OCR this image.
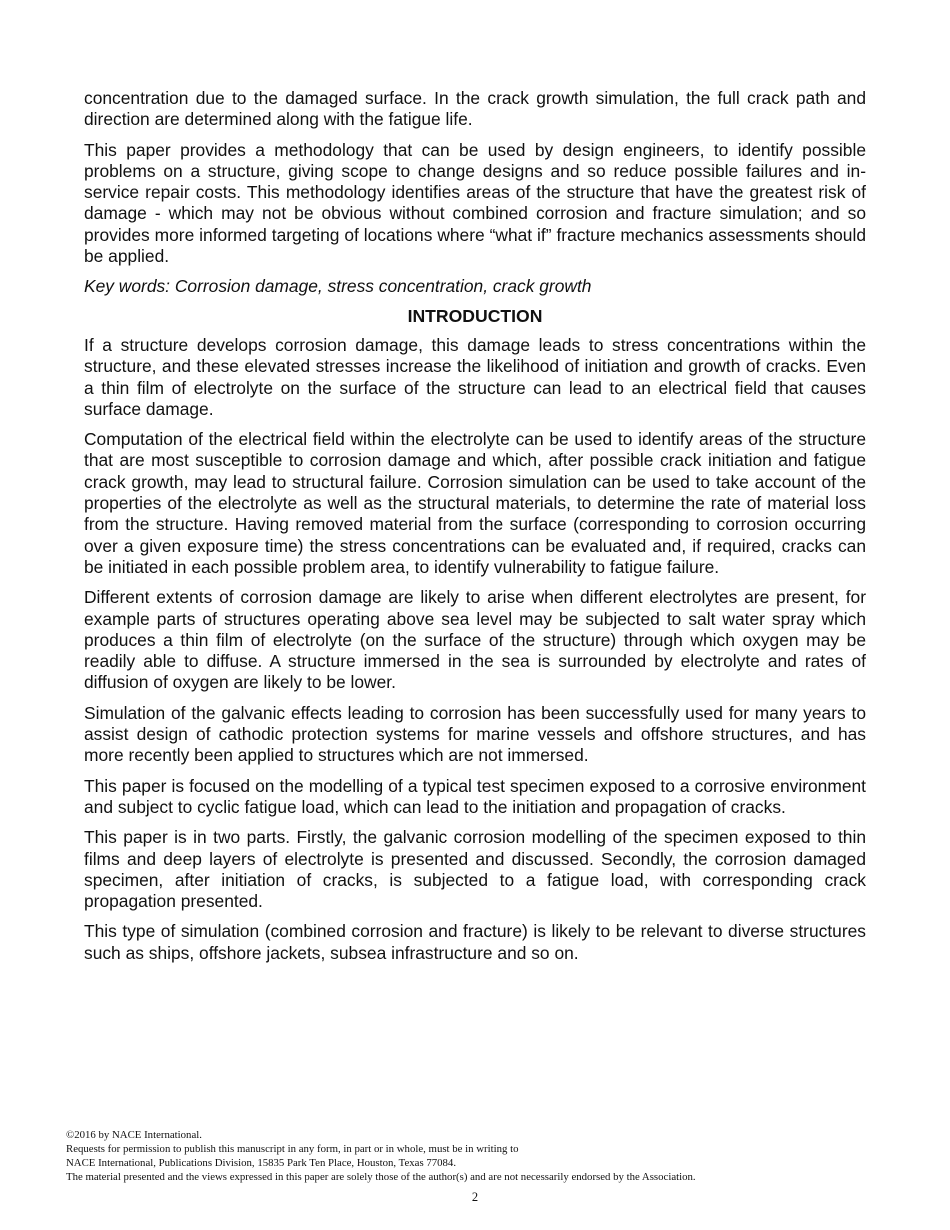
concentration due to the damaged surface. In the crack growth simulation, the full crack path and direction are determined along with the fatigue life.

This paper provides a methodology that can be used by design engineers, to identify possible problems on a structure, giving scope to change designs and so reduce possible failures and in-service repair costs. This methodology identifies areas of the structure that have the greatest risk of damage - which may not be obvious without combined corrosion and fracture simulation; and so provides more informed targeting of locations where “what if” fracture mechanics assessments should be applied.

Key words: Corrosion damage, stress concentration, crack growth

INTRODUCTION

If a structure develops corrosion damage, this damage leads to stress concentrations within the structure, and these elevated stresses increase the likelihood of initiation and growth of cracks. Even a thin film of electrolyte on the surface of the structure can lead to an electrical field that causes surface damage.

Computation of the electrical field within the electrolyte can be used to identify areas of the structure that are most susceptible to corrosion damage and which, after possible crack initiation and fatigue crack growth, may lead to structural failure. Corrosion simulation can be used to take account of the properties of the electrolyte as well as the structural materials, to determine the rate of material loss from the structure. Having removed material from the surface (corresponding to corrosion occurring over a given exposure time) the stress concentrations can be evaluated and, if required, cracks can be initiated in each possible problem area, to identify vulnerability to fatigue failure.

Different extents of corrosion damage are likely to arise when different electrolytes are present, for example parts of structures operating above sea level may be subjected to salt water spray which produces a thin film of electrolyte (on the surface of the structure) through which oxygen may be readily able to diffuse. A structure immersed in the sea is surrounded by electrolyte and rates of diffusion of oxygen are likely to be lower.

Simulation of the galvanic effects leading to corrosion has been successfully used for many years to assist design of cathodic protection systems for marine vessels and offshore structures, and has more recently been applied to structures which are not immersed.

This paper is focused on the modelling of a typical test specimen exposed to a corrosive environment and subject to cyclic fatigue load, which can lead to the initiation and propagation of cracks.

This paper is in two parts. Firstly, the galvanic corrosion modelling of the specimen exposed to thin films and deep layers of electrolyte is presented and discussed. Secondly, the corrosion damaged specimen, after initiation of cracks, is subjected to a fatigue load, with corresponding crack propagation presented.

This type of simulation (combined corrosion and fracture) is likely to be relevant to diverse structures such as ships, offshore jackets, subsea infrastructure and so on.

©2016 by NACE International.
Requests for permission to publish this manuscript in any form, in part or in whole, must be in writing to
NACE International, Publications Division, 15835 Park Ten Place, Houston, Texas 77084.
The material presented and the views expressed in this paper are solely those of the author(s) and are not necessarily endorsed by the Association.
2
